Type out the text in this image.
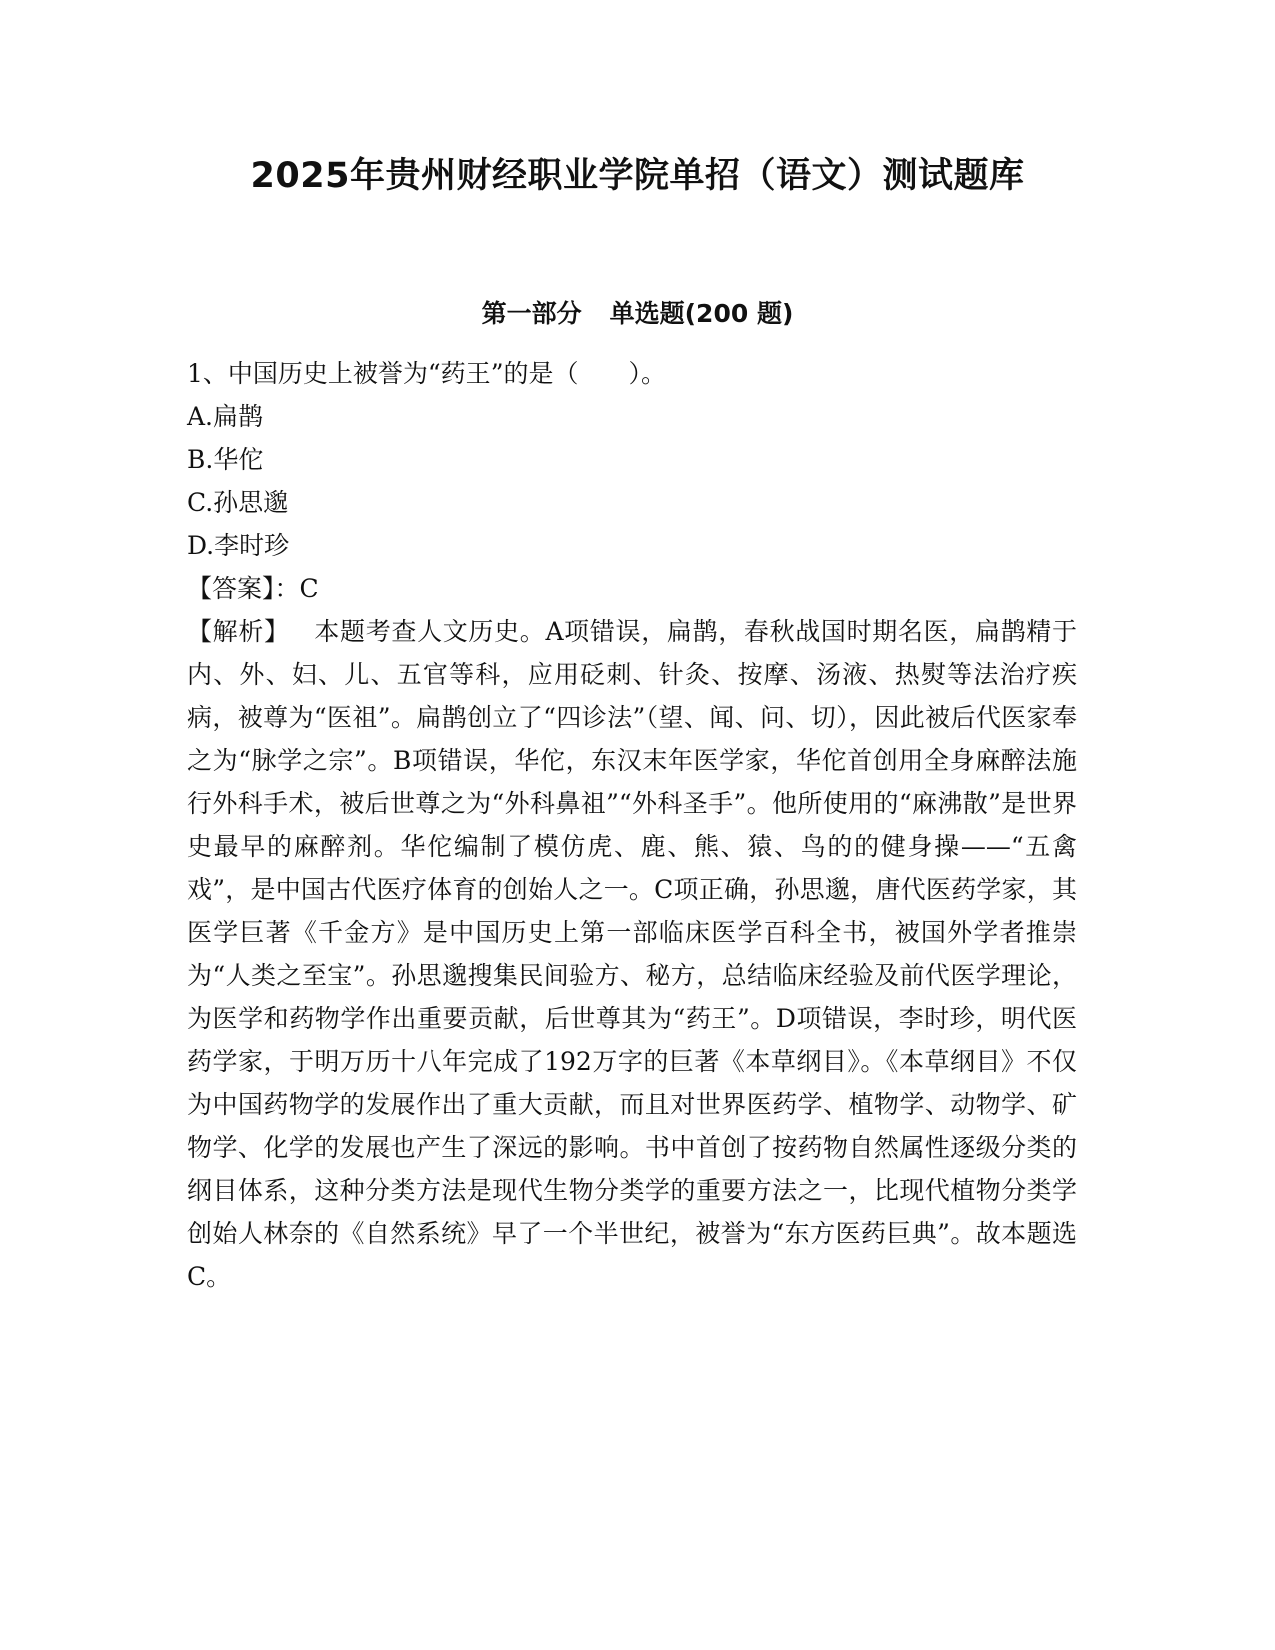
2025年贵州财经职业学院单招（语文）测试题库
第一部分 单选题(200 题)
1、中国历史上被誉为“药王”的是（　　）。
A.扁鹊
B.华佗
C.孙思邈
D.李时珍
【答案】：C
【解析】 本题考查人文历史。A项错误，扁鹊，春秋战国时期名医，扁鹊精于内、外、妇、儿、五官等科，应用砭刺、针灸、按摩、汤液、热熨等法治疗疾病，被尊为“医祖”。扁鹊创立了“四诊法”（望、闻、问、切），因此被后代医家奉之为“脉学之宗”。B项错误，华佗，东汉末年医学家，华佗首创用全身麻醉法施行外科手术，被后世尊之为“外科鼻祖”“外科圣手”。他所使用的“麻沸散”是世界史最早的麻醉剂。华佗编制了模仿虎、鹿、熊、猿、鸟的的健身操——“五禽戏”，是中国古代医疗体育的创始人之一。C项正确，孙思邈，唐代医药学家，其医学巨著《千金方》是中国历史上第一部临床医学百科全书，被国外学者推崇为“人类之至宝”。孙思邈搜集民间验方、秘方，总结临床经验及前代医学理论，为医学和药物学作出重要贡献，后世尊其为“药王”。D项错误，李时珍，明代医药学家，于明万历十八年完成了192万字的巨著《本草纲目》。《本草纲目》不仅为中国药物学的发展作出了重大贡献，而且对世界医药学、植物学、动物学、矿物学、化学的发展也产生了深远的影响。书中首创了按药物自然属性逐级分类的纲目体系，这种分类方法是现代生物分类学的重要方法之一，比现代植物分类学创始人林奈的《自然系统》早了一个半世纪，被誉为“东方医药巨典”。故本题选C。
